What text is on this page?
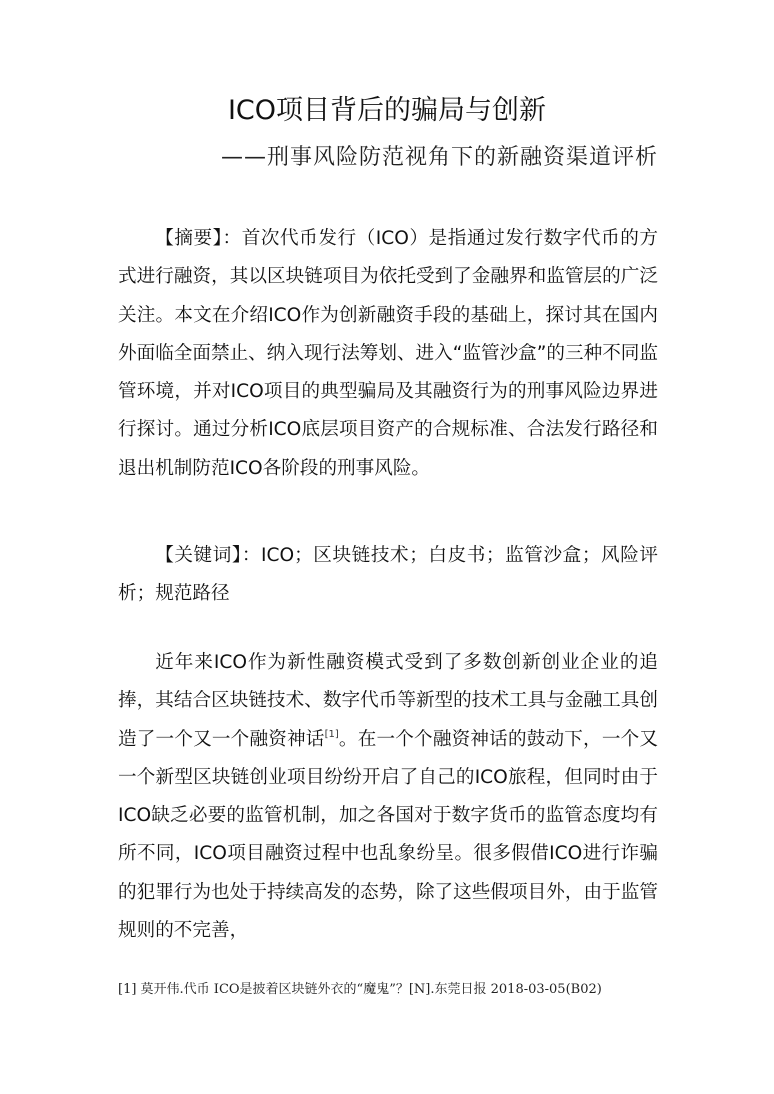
ICO项目背后的骗局与创新
——刑事风险防范视角下的新融资渠道评析
【摘要】：首次代币发行（ICO）是指通过发行数字代币的方式进行融资，其以区块链项目为依托受到了金融界和监管层的广泛关注。本文在介绍ICO作为创新融资手段的基础上，探讨其在国内外面临全面禁止、纳入现行法筹划、进入“监管沙盒”的三种不同监管环境，并对ICO项目的典型骗局及其融资行为的刑事风险边界进行探讨。通过分析ICO底层项目资产的合规标准、合法发行路径和退出机制防范ICO各阶段的刑事风险。
【关键词】：ICO；区块链技术；白皮书；监管沙盒；风险评析；规范路径
近年来ICO作为新性融资模式受到了多数创新创业企业的追捧，其结合区块链技术、数字代币等新型的技术工具与金融工具创造了一个又一个融资神话[1]。在一个个融资神话的鼓动下，一个又一个新型区块链创业项目纷纷开启了自己的ICO旅程，但同时由于ICO缺乏必要的监管机制，加之各国对于数字货币的监管态度均有所不同，ICO项目融资过程中也乱象纷呈。很多假借ICO进行诈骗的犯罪行为也处于持续高发的态势，除了这些假项目外，由于监管规则的不完善，
[1] 莫开伟.代币 ICO是披着区块链外衣的“魔鬼”？[N].东莞日报 2018-03-05(B02)
